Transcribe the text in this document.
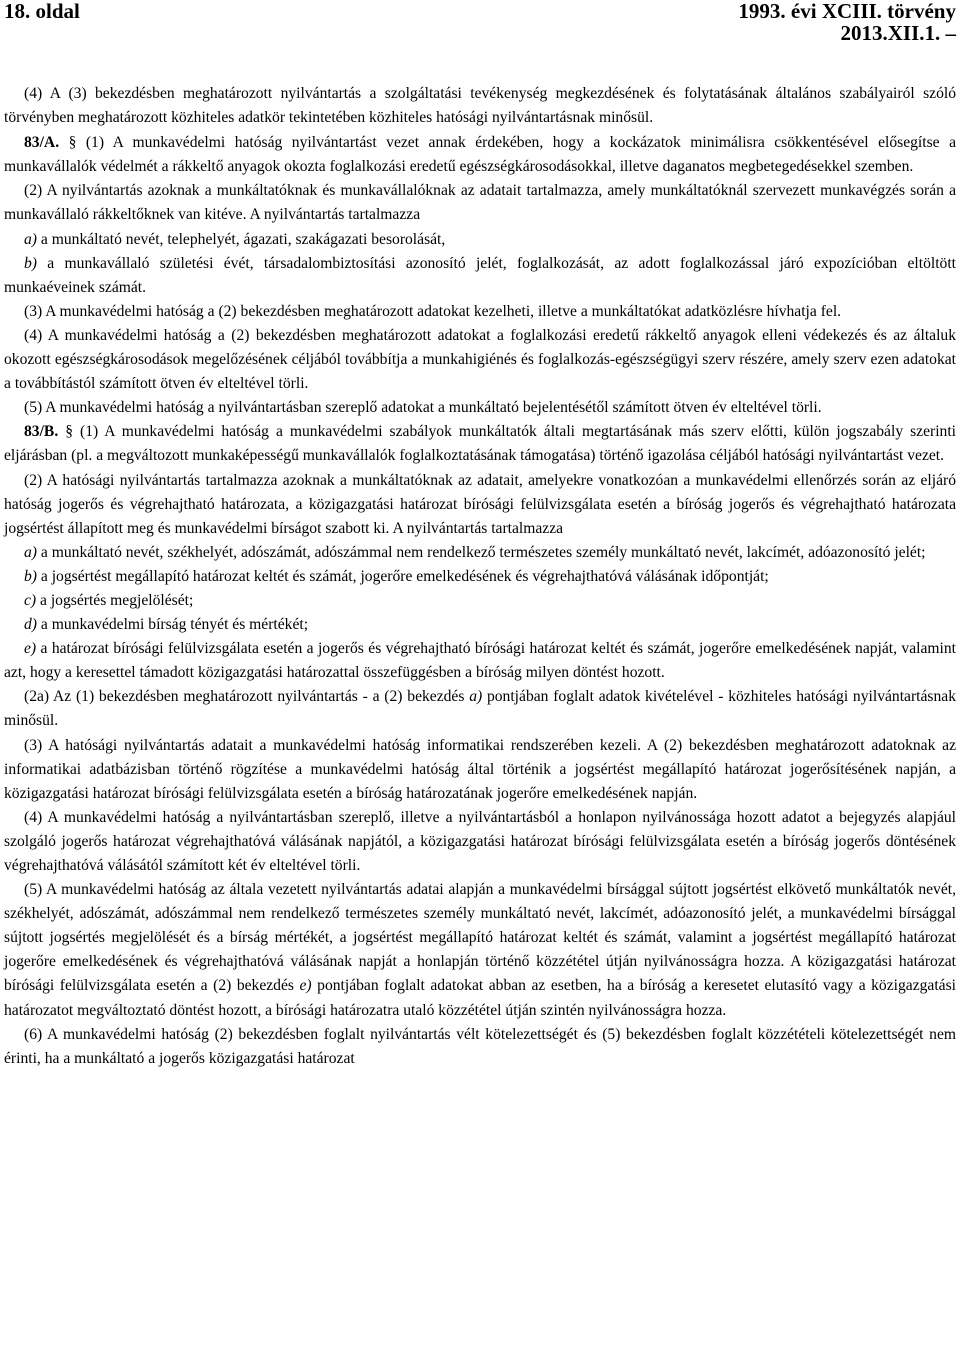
18. oldal	1993. évi XCIII. törvény
2013.XII.1. –

(4) A (3) bekezdésben meghatározott nyilvántartás a szolgáltatási tevékenység megkezdésének és folytatásának általános szabályairól szóló törvényben meghatározott közhiteles adatkör tekintetében közhiteles hatósági nyilvántartásnak minősül.

83/A. § (1) A munkavédelmi hatóság nyilvántartást vezet annak érdekében, hogy a kockázatok minimálisra csökkentésével elősegítse a munkavállalók védelmét a rákkeltő anyagok okozta foglalkozási eredetű egészségkárosodásokkal, illetve daganatos megbetegedésekkel szemben.

(2) A nyilvántartás azoknak a munkáltatóknak és munkavállalóknak az adatait tartalmazza, amely munkáltatóknál szervezett munkavégzés során a munkavállaló rákkeltőknek van kitéve. A nyilvántartás tartalmazza

a) a munkáltató nevét, telephelyét, ágazati, szakágazati besorolását,

b) a munkavállaló születési évét, társadalombiztosítási azonosító jelét, foglalkozását, az adott foglalkozással járó expozícióban eltöltött munkaéveinek számát.

(3) A munkavédelmi hatóság a (2) bekezdésben meghatározott adatokat kezelheti, illetve a munkáltatókat adatközlésre hívhatja fel.

(4) A munkavédelmi hatóság a (2) bekezdésben meghatározott adatokat a foglalkozási eredetű rákkeltő anyagok elleni védekezés és az általuk okozott egészségkárosodások megelőzésének céljából továbbítja a munkahigiénés és foglalkozás-egészségügyi szerv részére, amely szerv ezen adatokat a továbbítástól számított ötven év elteltével törli.

(5) A munkavédelmi hatóság a nyilvántartásban szereplő adatokat a munkáltató bejelentésétől számított ötven év elteltével törli.

83/B. § (1) A munkavédelmi hatóság a munkavédelmi szabályok munkáltatók általi megtartásának más szerv előtti, külön jogszabály szerinti eljárásban (pl. a megváltozott munkaképességű munkavállalók foglalkoztatásának támogatása) történő igazolása céljából hatósági nyilvántartást vezet.

(2) A hatósági nyilvántartás tartalmazza azoknak a munkáltatóknak az adatait, amelyekre vonatkozóan a munkavédelmi ellenőrzés során az eljáró hatóság jogerős és végrehajtható határozata, a közigazgatási határozat bírósági felülvizsgálata esetén a bíróság jogerős és végrehajtható határozata jogsértést állapított meg és munkavédelmi bírságot szabott ki. A nyilvántartás tartalmazza

a) a munkáltató nevét, székhelyét, adószámát, adószámmal nem rendelkező természetes személy munkáltató nevét, lakcímét, adóazonosító jelét;

b) a jogsértést megállapító határozat keltét és számát, jogerőre emelkedésének és végrehajthatóvá válásának időpontját;

c) a jogsértés megjelölését;

d) a munkavédelmi bírság tényét és mértékét;

e) a határozat bírósági felülvizsgálata esetén a jogerős és végrehajtható bírósági határozat keltét és számát, jogerőre emelkedésének napját, valamint azt, hogy a keresettel támadott közigazgatási határozattal összefüggésben a bíróság milyen döntést hozott.

(2a) Az (1) bekezdésben meghatározott nyilvántartás - a (2) bekezdés a) pontjában foglalt adatok kivételével - közhiteles hatósági nyilvántartásnak minősül.

(3) A hatósági nyilvántartás adatait a munkavédelmi hatóság informatikai rendszerében kezeli. A (2) bekezdésben meghatározott adatoknak az informatikai adatbázisban történő rögzítése a munkavédelmi hatóság által történik a jogsértést megállapító határozat jogerősítésének napján, a közigazgatási határozat bírósági felülvizsgálata esetén a bíróság határozatának jogerőre emelkedésének napján.

(4) A munkavédelmi hatóság a nyilvántartásban szereplő, illetve a nyilvántartásból a honlapon nyilvánossága hozott adatot a bejegyzés alapjául szolgáló jogerős határozat végrehajthatóvá válásának napjától, a közigazgatási határozat bírósági felülvizsgálata esetén a bíróság jogerős döntésének végrehajthatóvá válásától számított két év elteltével törli.

(5) A munkavédelmi hatóság az általa vezetett nyilvántartás adatai alapján a munkavédelmi bírsággal sújtott jogsértést elkövető munkáltatók nevét, székhelyét, adószámát, adószámmal nem rendelkező természetes személy munkáltató nevét, lakcímét, adóazonosító jelét, a munkavédelmi bírsággal sújtott jogsértés megjelölését és a bírság mértékét, a jogsértést megállapító határozat keltét és számát, valamint a jogsértést megállapító határozat jogerőre emelkedésének és végrehajthatóvá válásának napját a honlapján történő közzététel útján nyilvánosságra hozza. A közigazgatási határozat bírósági felülvizsgálata esetén a (2) bekezdés e) pontjában foglalt adatokat abban az esetben, ha a bíróság a keresetet elutasító vagy a közigazgatási határozatot megváltoztató döntést hozott, a bírósági határozatra utaló közzététel útján szintén nyilvánosságra hozza.

(6) A munkavédelmi hatóság (2) bekezdésben foglalt nyilvántartás vélt kötelezettségét és (5) bekezdésben foglalt közzétételi kötelezettségét nem érinti, ha a munkáltató a jogerős közigazgatási határozat
